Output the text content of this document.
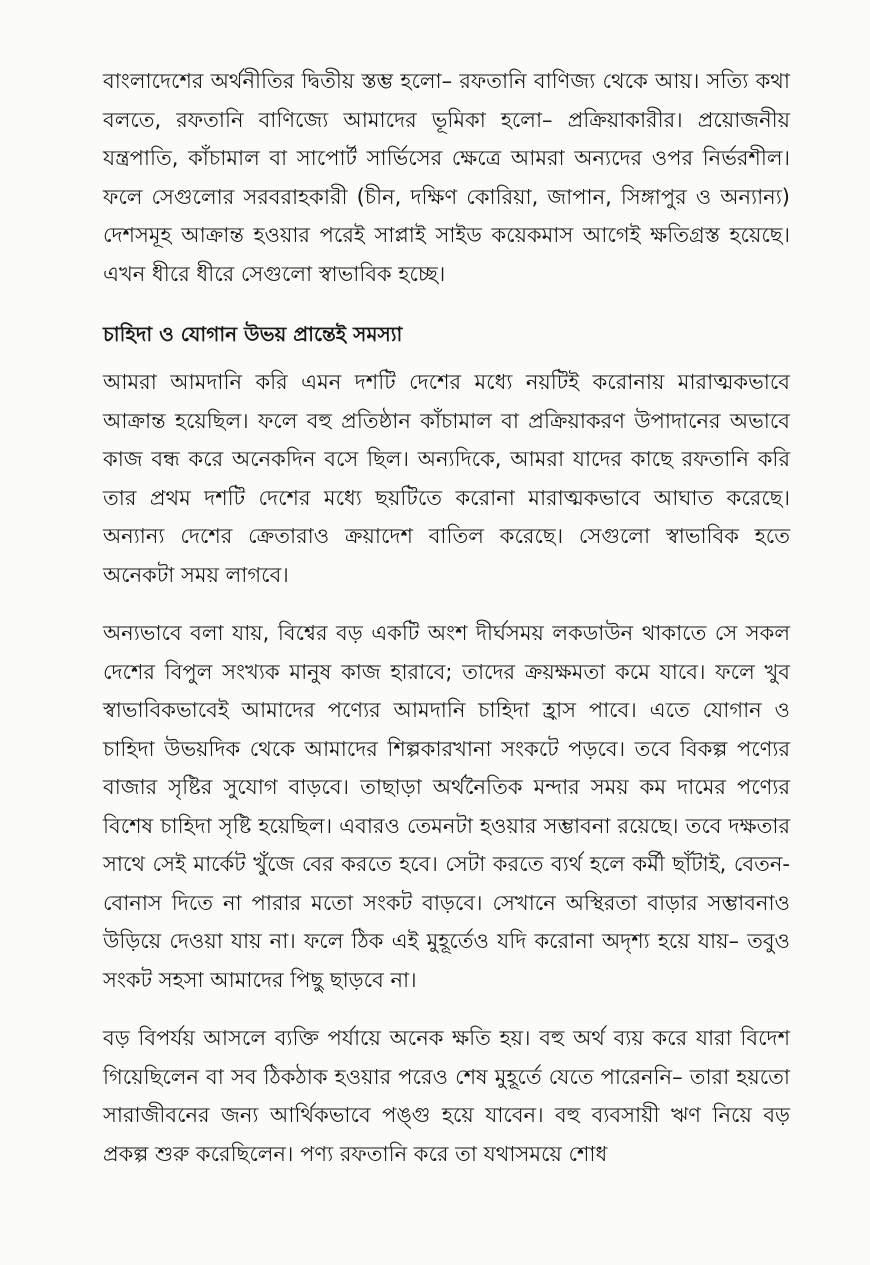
বাংলাদেশের অর্থনীতির দ্বিতীয় স্তম্ভ হলো– রফতানি বাণিজ্য থেকে আয়। সত্যি কথা বলতে, রফতানি বাণিজ্যে আমাদের ভূমিকা হলো– প্রক্রিয়াকারীর। প্রয়োজনীয় যন্ত্রপাতি, কাঁচামাল বা সাপোর্ট সার্ভিসের ক্ষেত্রে আমরা অন্যদের ওপর নির্ভরশীল। ফলে সেগুলোর সরবরাহকারী (চীন, দক্ষিণ কোরিয়া, জাপান, সিঙ্গাপুর ও অন্যান্য) দেশসমূহ আক্রান্ত হওয়ার পরেই সাপ্লাই সাইড কয়েকমাস আগেই ক্ষতিগ্রস্ত হয়েছে। এখন ধীরে ধীরে সেগুলো স্বাভাবিক হচ্ছে।

চাহিদা ও যোগান উভয় প্রান্তেই সমস্যা

আমরা আমদানি করি এমন দশটি দেশের মধ্যে নয়টিই করোনায় মারাত্মকভাবে আক্রান্ত হয়েছিল। ফলে বহু প্রতিষ্ঠান কাঁচামাল বা প্রক্রিয়াকরণ উপাদানের অভাবে কাজ বন্ধ করে অনেকদিন বসে ছিল। অন্যদিকে, আমরা যাদের কাছে রফতানি করি তার প্রথম দশটি দেশের মধ্যে ছয়টিতে করোনা মারাত্মকভাবে আঘাত করেছে। অন্যান্য দেশের ক্রেতারাও ক্রয়াদেশ বাতিল করেছে। সেগুলো স্বাভাবিক হতে অনেকটা সময় লাগবে।

অন্যভাবে বলা যায়, বিশ্বের বড় একটি অংশ দীর্ঘসময় লকডাউন থাকাতে সে সকল দেশের বিপুল সংখ্যক মানুষ কাজ হারাবে; তাদের ক্রয়ক্ষমতা কমে যাবে। ফলে খুব স্বাভাবিকভাবেই আমাদের পণ্যের আমদানি চাহিদা হ্রাস পাবে। এতে যোগান ও চাহিদা উভয়দিক থেকে আমাদের শিল্পকারখানা সংকটে পড়বে। তবে বিকল্প পণ্যের বাজার সৃষ্টির সুযোগ বাড়বে। তাছাড়া অর্থনৈতিক মন্দার সময় কম দামের পণ্যের বিশেষ চাহিদা সৃষ্টি হয়েছিল। এবারও তেমনটা হওয়ার সম্ভাবনা রয়েছে। তবে দক্ষতার সাথে সেই মার্কেট খুঁজে বের করতে হবে। সেটা করতে ব্যর্থ হলে কর্মী ছাঁটাই, বেতন-বোনাস দিতে না পারার মতো সংকট বাড়বে। সেখানে অস্থিরতা বাড়ার সম্ভাবনাও উড়িয়ে দেওয়া যায় না। ফলে ঠিক এই মুহূর্তেও যদি করোনা অদৃশ্য হয়ে যায়– তবুও সংকট সহসা আমাদের পিছু ছাড়বে না।

বড় বিপর্যয় আসলে ব্যক্তি পর্যায়ে অনেক ক্ষতি হয়। বহু অর্থ ব্যয় করে যারা বিদেশ গিয়েছিলেন বা সব ঠিকঠাক হওয়ার পরেও শেষ মুহূর্তে যেতে পারেননি– তারা হয়তো সারাজীবনের জন্য আর্থিকভাবে পঙ্গু হয়ে যাবেন। বহু ব্যবসায়ী ঋণ নিয়ে বড় প্রকল্প শুরু করেছিলেন। পণ্য রফতানি করে তা যথাসময়ে শোধ
